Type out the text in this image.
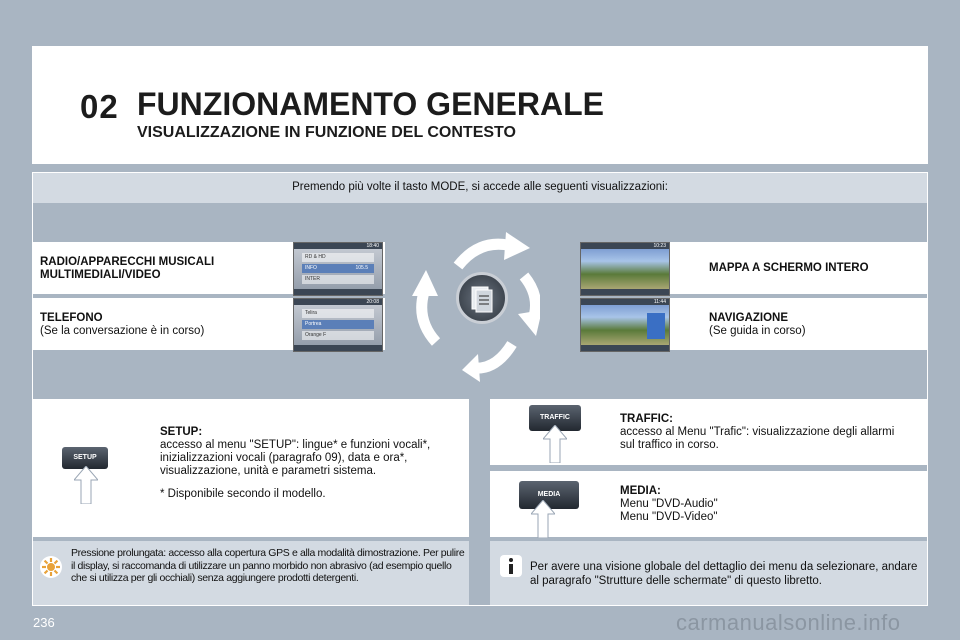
02 FUNZIONAMENTO GENERALE
VISUALIZZAZIONE IN FUNZIONE DEL CONTESTO
Premendo più volte il tasto MODE, si accede alle seguenti visualizzazioni:
RADIO/APPARECCHI MUSICALI
MULTIMEDIALI/VIDEO
18:40
RD & HD
INFO	105.5
INTER
TELEFONO
(Se la conversazione è in corso)
20:08
Telira
Portrea
Orange F
10:23
MAPPA A SCHERMO INTERO
11:44
NAVIGAZIONE
(Se guida in corso)
SETUP
SETUP:
accesso al menu "SETUP": lingue* e funzioni vocali*, inizializzazioni vocali (paragrafo 09), data e ora*, visualizzazione, unità e parametri sistema.
* Disponibile secondo il modello.
TRAFFIC	TRAFFIC:
accesso al Menu "Trafic": visualizzazione degli allarmi sul traffico in corso.
MEDIA	MEDIA:
Menu "DVD-Audio"
Menu "DVD-Video"
Pressione prolungata: accesso alla copertura GPS e alla modalità dimostrazione. Per pulire il display, si raccomanda di utilizzare un panno morbido non abrasivo (ad esempio quello che si utilizza per gli occhiali) senza aggiungere prodotti detergenti.
Per avere una visione globale del dettaglio dei menu da selezionare, andare al paragrafo "Strutture delle schermate" di questo libretto.
236	carmanualsonline.info
